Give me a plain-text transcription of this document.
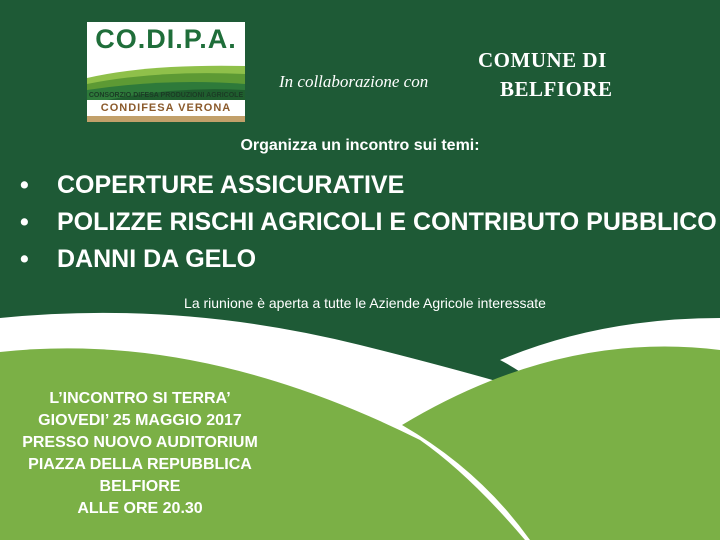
CO.DI.P.A.
CONSORZIO DIFESA PRODUZIONI AGRICOLE
CONDIFESA VERONA
In collaborazione con
COMUNE DI
BELFIORE
Organizza un incontro sui temi:
• COPERTURE ASSICURATIVE
• POLIZZE RISCHI AGRICOLI E CONTRIBUTO PUBBLICO
• DANNI DA GELO
La riunione è aperta a tutte le Aziende Agricole interessate
L’INCONTRO SI TERRA’
GIOVEDI’ 25 MAGGIO 2017
PRESSO NUOVO AUDITORIUM
PIAZZA DELLA REPUBBLICA
BELFIORE
ALLE ORE 20.30
